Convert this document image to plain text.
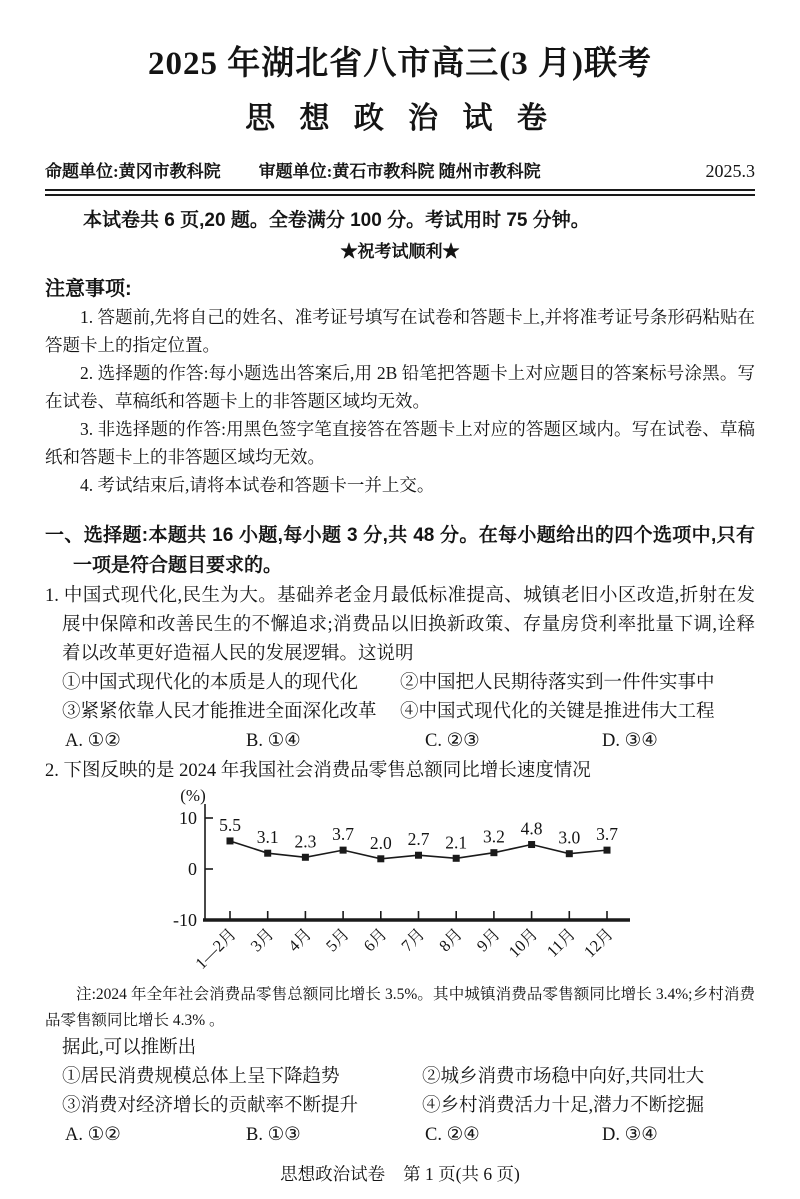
2025 年湖北省八市高三(3 月)联考
思 想 政 治 试 卷
命题单位:黄冈市教科院 审题单位:黄石市教科院 随州市教科院	2025.3

本试卷共 6 页,20 题。全卷满分 100 分。考试用时 75 分钟。

★祝考试顺利★

注意事项:

1. 答题前,先将自己的姓名、准考证号填写在试卷和答题卡上,并将准考证号条形码粘贴在答题卡上的指定位置。

2. 选择题的作答:每小题选出答案后,用 2B 铅笔把答题卡上对应题目的答案标号涂黑。写在试卷、草稿纸和答题卡上的非答题区域均无效。

3. 非选择题的作答:用黑色签字笔直接答在答题卡上对应的答题区域内。写在试卷、草稿纸和答题卡上的非答题区域均无效。

4. 考试结束后,请将本试卷和答题卡一并上交。

一、选择题:本题共 16 小题,每小题 3 分,共 48 分。在每小题给出的四个选项中,只有一项是符合题目要求的。

1. 中国式现代化,民生为大。基础养老金月最低标准提高、城镇老旧小区改造,折射在发展中保障和改善民生的不懈追求;消费品以旧换新政策、存量房贷利率批量下调,诠释着以改革更好造福人民的发展逻辑。这说明

①中国式现代化的本质是人的现代化	②中国把人民期待落实到一件件实事中
③紧紧依靠人民才能推进全面深化改革	④中国式现代化的关键是推进伟大工程
A. ①②	B. ①④	C. ②③	D. ③④

2. 下图反映的是 2024 年我国社会消费品零售总额同比增长速度情况

(%)
10
0
-10
1—2月 3月 4月 5月 6月 7月 8月 9月 10月 11月 12月
5.5
3.1 2.3 3.7 2.0 2.7 2.1 3.2 4.8 3.0 3.7

注:2024 年全年社会消费品零售总额同比增长 3.5%。其中城镇消费品零售额同比增长 3.4%;乡村消费品零售额同比增长 4.3% 。

据此,可以推断出

①居民消费规模总体上呈下降趋势	②城乡消费市场稳中向好,共同壮大
③消费对经济增长的贡献率不断提升	④乡村消费活力十足,潜力不断挖掘
A. ①②	B. ①③	C. ②④	D. ③④
思想政治试卷 第 1 页(共 6 页)
